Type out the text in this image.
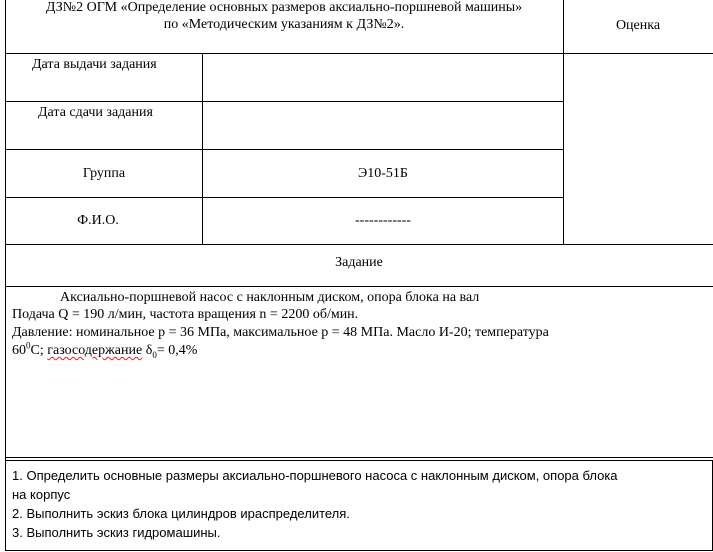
ДЗ№2 ОГМ «Определение основных размеров аксиально-поршневой машины»
по «Методическим указаниям к ДЗ№2».	Оценка
Дата выдачи задания
Дата сдачи задания
Группа	Э10-51Б
Ф.И.О.	------------
Задание
Аксиально-поршневой насос с наклонным диском, опора блока на вал
Подача Q = 190 л/мин, частота вращения n = 2200 об/мин.
Давление: номинальное p = 36 МПа, максимальное p = 48 МПа. Масло И-20; температура
$60^0С$; газосодержание $\delta_0= 0,4\%$
1. Определить основные размеры аксиально-поршневого насоса с наклонным диском, опора блока
на корпус
2. Выполнить эскиз блока цилиндров ираспределителя.
3. Выполнить эскиз гидромашины.
